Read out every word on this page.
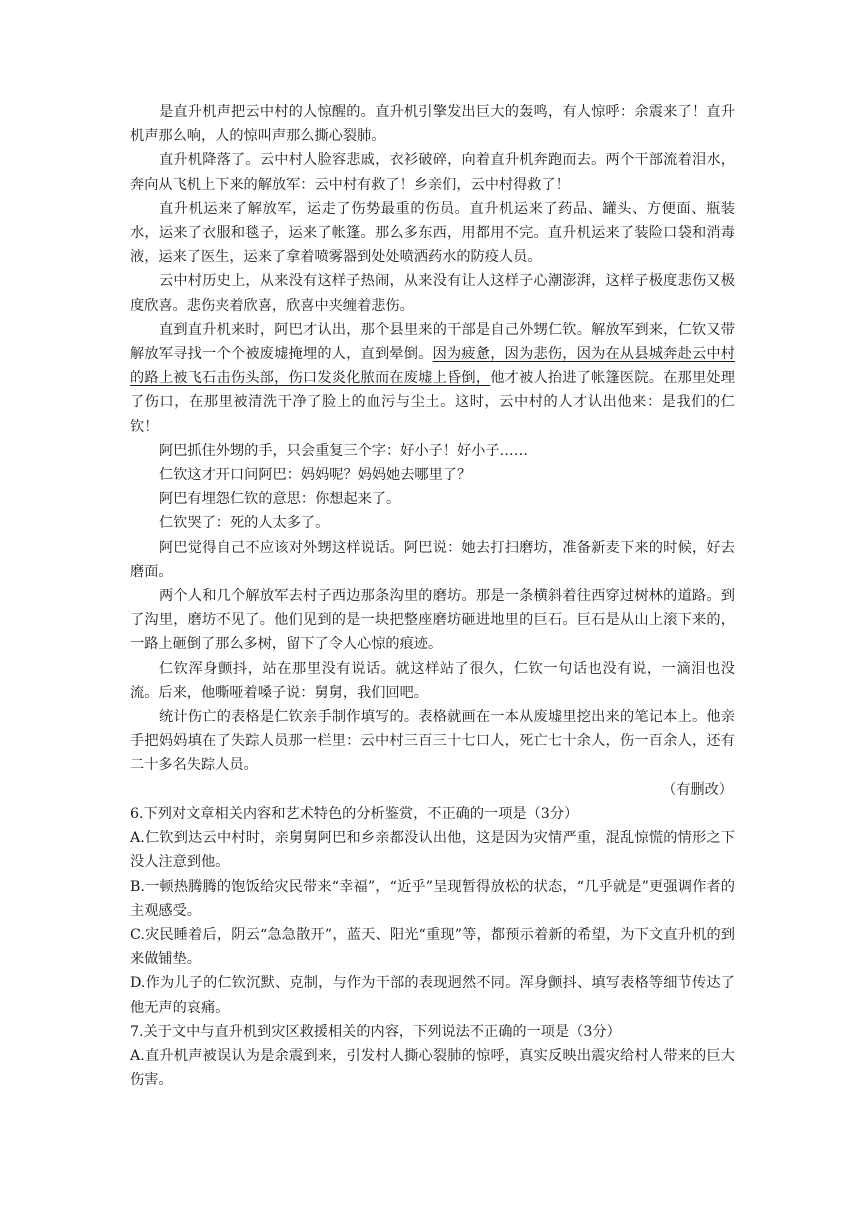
是直升机声把云中村的人惊醒的。直升机引擎发出巨大的轰鸣，有人惊呼：余震来了！直升机声那么响，人的惊叫声那么撕心裂肺。

直升机降落了。云中村人脸容悲戚，衣衫破碎，向着直升机奔跑而去。两个干部流着泪水，奔向从飞机上下来的解放军：云中村有救了！乡亲们，云中村得救了！

直升机运来了解放军，运走了伤势最重的伤员。直升机运来了药品、罐头、方便面、瓶装水，运来了衣服和毯子，运来了帐篷。那么多东西，用都用不完。直升机运来了装险口袋和消毒液，运来了医生，运来了拿着喷雾器到处处喷洒药水的防疫人员。

云中村历史上，从来没有这样子热闹，从来没有让人这样子心潮澎湃，这样子极度悲伤又极度欣喜。悲伤夹着欣喜，欣喜中夹缠着悲伤。

直到直升机来时，阿巴才认出，那个县里来的干部是自己外甥仁钦。解放军到来，仁钦又带解放军寻找一个个被废墟掩埋的人，直到晕倒。因为疲惫，因为悲伤，因为在从县城奔赴云中村的路上被飞石击伤头部，伤口发炎化脓而在废墟上昏倒，他才被人抬进了帐篷医院。在那里处理了伤口，在那里被清洗干净了脸上的血污与尘土。这时，云中村的人才认出他来：是我们的仁钦！

阿巴抓住外甥的手，只会重复三个字：好小子！好小子……

仁钦这才开口问阿巴：妈妈呢？妈妈她去哪里了？

阿巴有埋怨仁钦的意思：你想起来了。

仁钦哭了：死的人太多了。

阿巴觉得自己不应该对外甥这样说话。阿巴说：她去打扫磨坊，准备新麦下来的时候，好去磨面。

两个人和几个解放军去村子西边那条沟里的磨坊。那是一条横斜着往西穿过树林的道路。到了沟里，磨坊不见了。他们见到的是一块把整座磨坊砸进地里的巨石。巨石是从山上滚下来的，一路上砸倒了那么多树，留下了令人心惊的痕迹。

仁钦浑身颤抖，站在那里没有说话。就这样站了很久，仁钦一句话也没有说，一滴泪也没流。后来，他嘶哑着嗓子说：舅舅，我们回吧。

统计伤亡的表格是仁钦亲手制作填写的。表格就画在一本从废墟里挖出来的笔记本上。他亲手把妈妈填在了失踪人员那一栏里：云中村三百三十七口人，死亡七十余人，伤一百余人，还有二十多名失踪人员。

（有删改）

6.下列对文章相关内容和艺术特色的分析鉴赏，不正确的一项是（3分）

A.仁钦到达云中村时，亲舅舅阿巴和乡亲都没认出他，这是因为灾情严重，混乱惊慌的情形之下没人注意到他。

B.一顿热腾腾的饱饭给灾民带来“幸福”，“近乎”呈现暂得放松的状态，“几乎就是”更强调作者的主观感受。

C.灾民睡着后，阴云“急急散开”，蓝天、阳光“重现”等，都预示着新的希望，为下文直升机的到来做铺垫。

D.作为儿子的仁钦沉默、克制，与作为干部的表现迥然不同。浑身颤抖、填写表格等细节传达了他无声的哀痛。

7.关于文中与直升机到灾区救援相关的内容，下列说法不正确的一项是（3分）

A.直升机声被误认为是余震到来，引发村人撕心裂肺的惊呼，真实反映出震灾给村人带来的巨大伤害。
